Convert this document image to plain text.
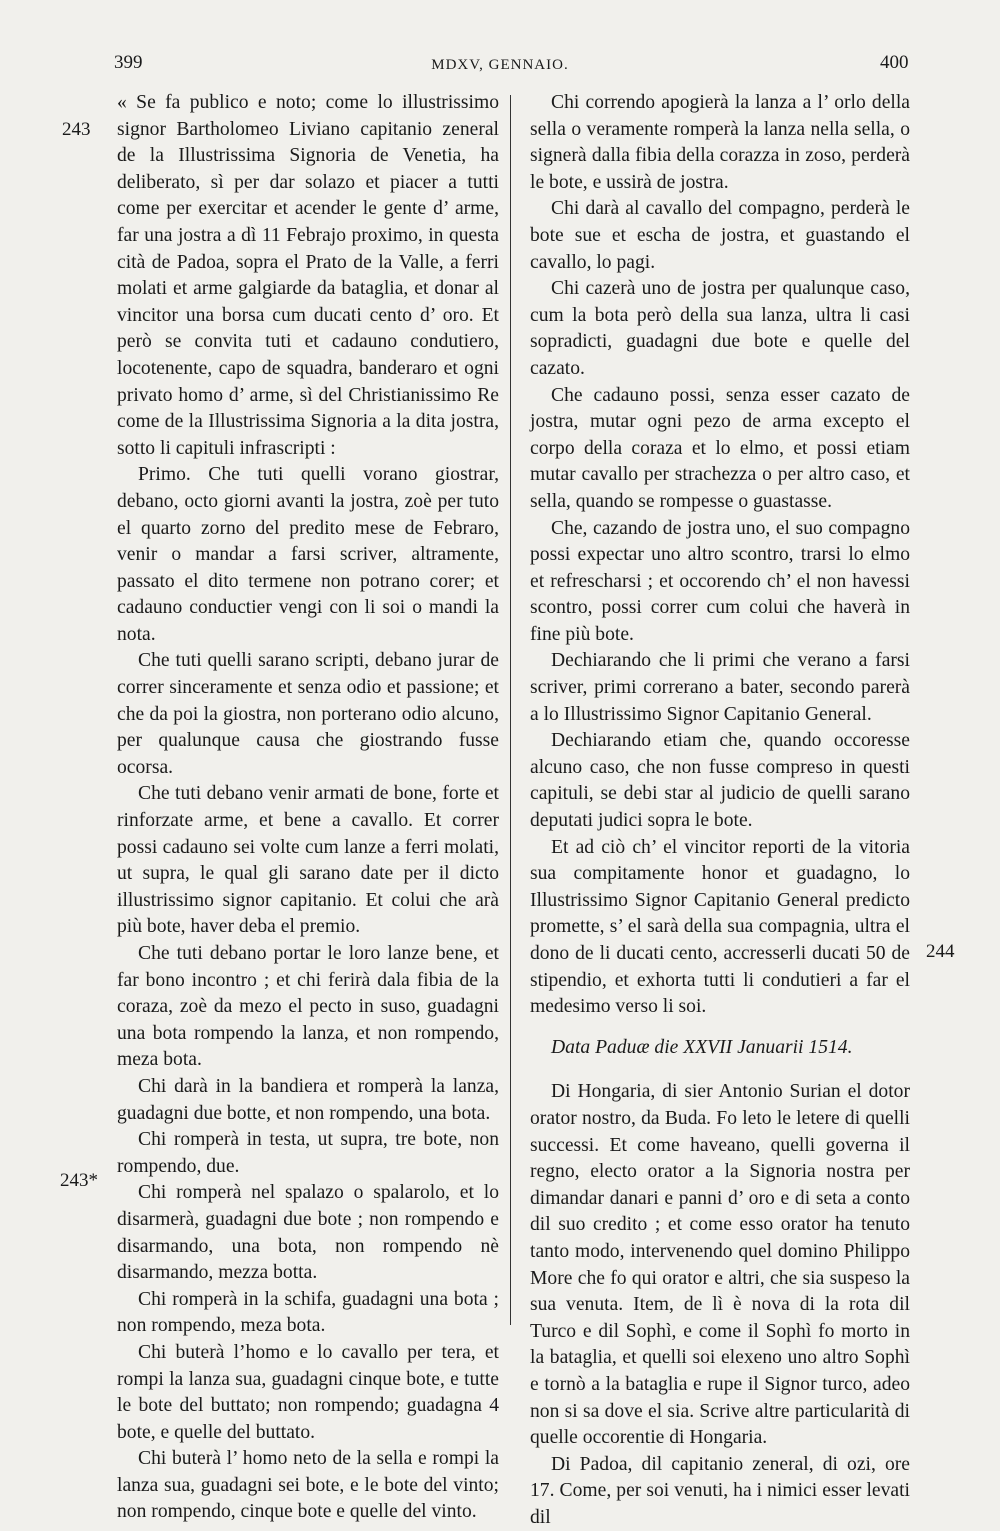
399	MDXV, GENNAIO.	400
243
243*
244

« Se fa publico e noto; come lo illustrissimo signor Bartholomeo Liviano capitanio zeneral de la Illustrissima Signoria de Venetia, ha deliberato, sì per dar solazo et piacer a tutti come per exercitar et acender le gente d’ arme, far una jostra a dì 11 Febrajo proximo, in questa cità de Padoa, sopra el Prato de la Valle, a ferri molati et arme galgiarde da bataglia, et donar al vincitor una borsa cum ducati cento d’ oro. Et però se convita tuti et cadauno condutiero, locotenente, capo de squadra, banderaro et ogni privato homo d’ arme, sì del Christianissimo Re come de la Illustrissima Signoria a la dita jostra, sotto li capituli infrascripti :

Primo. Che tuti quelli vorano giostrar, debano, octo giorni avanti la jostra, zoè per tuto el quarto zorno del predito mese de Febraro, venir o mandar a farsi scriver, altramente, passato el dito termene non potrano corer; et cadauno conductier vengi con li soi o mandi la nota.

Che tuti quelli sarano scripti, debano jurar de correr sinceramente et senza odio et passione; et che da poi la giostra, non porterano odio alcuno, per qualunque causa che giostrando fusse ocorsa.

Che tuti debano venir armati de bone, forte et rinforzate arme, et bene a cavallo. Et correr possi cadauno sei volte cum lanze a ferri molati, ut supra, le qual gli sarano date per il dicto illustrissimo signor capitanio. Et colui che arà più bote, haver deba el premio.

Che tuti debano portar le loro lanze bene, et far bono incontro ; et chi ferirà dala fibia de la coraza, zoè da mezo el pecto in suso, guadagni una bota rompendo la lanza, et non rompendo, meza bota.

Chi darà in la bandiera et romperà la lanza, guadagni due botte, et non rompendo, una bota.

Chi romperà in testa, ut supra, tre bote, non rompendo, due.

Chi romperà nel spalazo o spalarolo, et lo disarmerà, guadagni due bote ; non rompendo e disarmando, una bota, non rompendo nè disarmando, mezza botta.

Chi romperà in la schifa, guadagni una bota ; non rompendo, meza bota.

Chi buterà l’homo e lo cavallo per tera, et rompi la lanza sua, guadagni cinque bote, e tutte le bote del buttato; non rompendo; guadagna 4 bote, e quelle del buttato.

Chi buterà l’ homo neto de la sella e rompi la lanza sua, guadagni sei bote, e le bote del vinto; non rompendo, cinque bote e quelle del vinto.

Chi correndo apogierà la lanza a l’ orlo della sella o veramente romperà la lanza nella sella, o signerà dalla fibia della corazza in zoso, perderà le bote, e ussirà de jostra.

Chi darà al cavallo del compagno, perderà le bote sue et escha de jostra, et guastando el cavallo, lo pagi.

Chi cazerà uno de jostra per qualunque caso, cum la bota però della sua lanza, ultra li casi sopradicti, guadagni due bote e quelle del cazato.

Che cadauno possi, senza esser cazato de jostra, mutar ogni pezo de arma excepto el corpo della coraza et lo elmo, et possi etiam mutar cavallo per strachezza o per altro caso, et sella, quando se rompesse o guastasse.

Che, cazando de jostra uno, el suo compagno possi expectar uno altro scontro, trarsi lo elmo et refrescharsi ; et occorendo ch’ el non havessi scontro, possi correr cum colui che haverà in fine più bote.

Dechiarando che li primi che verano a farsi scriver, primi correrano a bater, secondo parerà a lo Illustrissimo Signor Capitanio General.

Dechiarando etiam che, quando occoresse alcuno caso, che non fusse compreso in questi capituli, se debi star al judicio de quelli sarano deputati judici sopra le bote.

Et ad ciò ch’ el vincitor reporti de la vitoria sua compitamente honor et guadagno, lo Illustrissimo Signor Capitanio General predicto promette, s’ el sarà della sua compagnia, ultra el dono de li ducati cento, accresserli ducati 50 de stipendio, et exhorta tutti li condutieri a far el medesimo verso li soi.

Data Paduæ die XXVII Januarii 1514.

Di Hongaria, di sier Antonio Surian el dotor orator nostro, da Buda. Fo leto le letere di quelli successi. Et come haveano, quelli governa il regno, electo orator a la Signoria nostra per dimandar danari e panni d’ oro e di seta a conto dil suo credito ; et come esso orator ha tenuto tanto modo, intervenendo quel domino Philippo More che fo qui orator e altri, che sia suspeso la sua venuta. Item, de lì è nova di la rota dil Turco e dil Sophì, e come il Sophì fo morto in la bataglia, et quelli soi elexeno uno altro Sophì e tornò a la bataglia e rupe il Signor turco, adeo non si sa dove el sia. Scrive altre particularità di quelle occorentie di Hongaria.

Di Padoa, dil capitanio zeneral, di ozi, ore 17. Come, per soi venuti, ha i nimici esser levati dil
